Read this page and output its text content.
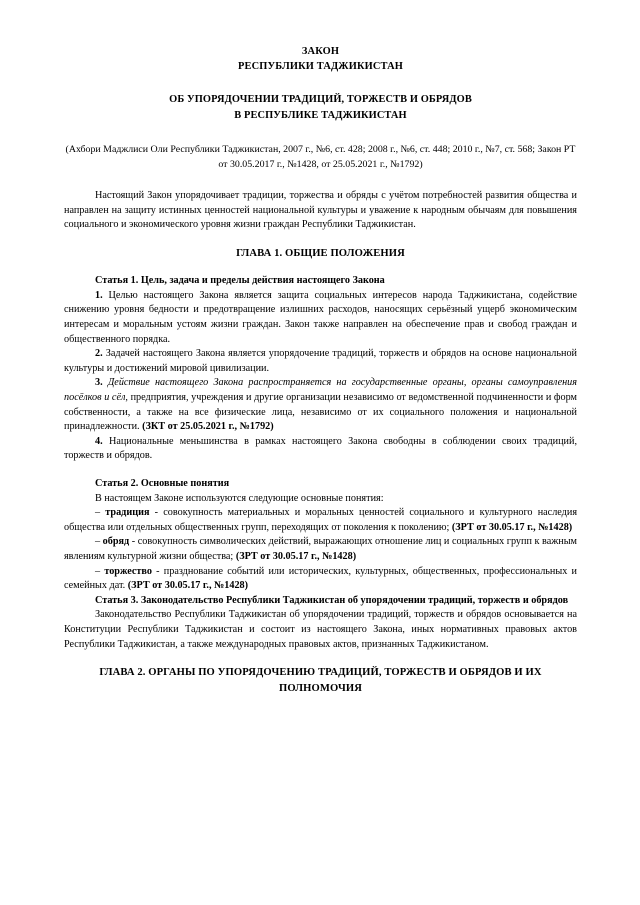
ЗАКОН
РЕСПУБЛИКИ ТАДЖИКИСТАН
ОБ УПОРЯДОЧЕНИИ ТРАДИЦИЙ, ТОРЖЕСТВ И ОБРЯДОВ
В РЕСПУБЛИКЕ ТАДЖИКИСТАН
(Ахбори Маджлиси Оли Республики Таджикистан, 2007 г., №6, ст. 428; 2008 г., №6, ст. 448; 2010 г., №7, ст. 568; Закон РТ от 30.05.2017 г., №1428, от 25.05.2021 г., №1792)

Настоящий Закон упорядочивает традиции, торжества и обряды с учётом потребностей развития общества и направлен на защиту истинных ценностей национальной культуры и уважение к народным обычаям для повышения социального и экономического уровня жизни граждан Республики Таджикистан.

ГЛАВА 1. ОБЩИЕ ПОЛОЖЕНИЯ

Статья 1. Цель, задача и пределы действия настоящего Закона

1. Целью настоящего Закона является защита социальных интересов народа Таджикистана, содействие снижению уровня бедности и предотвращение излишних расходов, наносящих серьёзный ущерб экономическим интересам и моральным устоям жизни граждан. Закон также направлен на обеспечение прав и свобод граждан и общественного порядка.

2. Задачей настоящего Закона является упорядочение традиций, торжеств и обрядов на основе национальной культуры и достижений мировой цивилизации.

3. Действие настоящего Закона распространяется на государственные органы, органы самоуправления посёлков и сёл, предприятия, учреждения и другие организации независимо от ведомственной подчиненности и форм собственности, а также на все физические лица, независимо от их социального положения и национальной принадлежности. (ЗКТ от 25.05.2021 г., №1792)

4. Национальные меньшинства в рамках настоящего Закона свободны в соблюдении своих традиций, торжеств и обрядов.

Статья 2. Основные понятия

В настоящем Законе используются следующие основные понятия:

– традиция - совокупность материальных и моральных ценностей социального и культурного наследия общества или отдельных общественных групп, переходящих от поколения к поколению; (ЗРТ от 30.05.17 г., №1428)

– обряд - совокупность символических действий, выражающих отношение лиц и социальных групп к важным явлениям культурной жизни общества; (ЗРТ от 30.05.17 г., №1428)

– торжество - празднование событий или исторических, культурных, общественных, профессиональных и семейных дат. (ЗРТ от 30.05.17 г., №1428)

Статья 3. Законодательство Республики Таджикистан об упорядочении традиций, торжеств и обрядов

Законодательство Республики Таджикистан об упорядочении традиций, торжеств и обрядов основывается на Конституции Республики Таджикистан и состоит из настоящего Закона, иных нормативных правовых актов Республики Таджикистан, а также международных правовых актов, признанных Таджикистаном.

ГЛАВА 2. ОРГАНЫ ПО УПОРЯДОЧЕНИЮ ТРАДИЦИЙ, ТОРЖЕСТВ И ОБРЯДОВ И ИХ ПОЛНОМОЧИЯ
